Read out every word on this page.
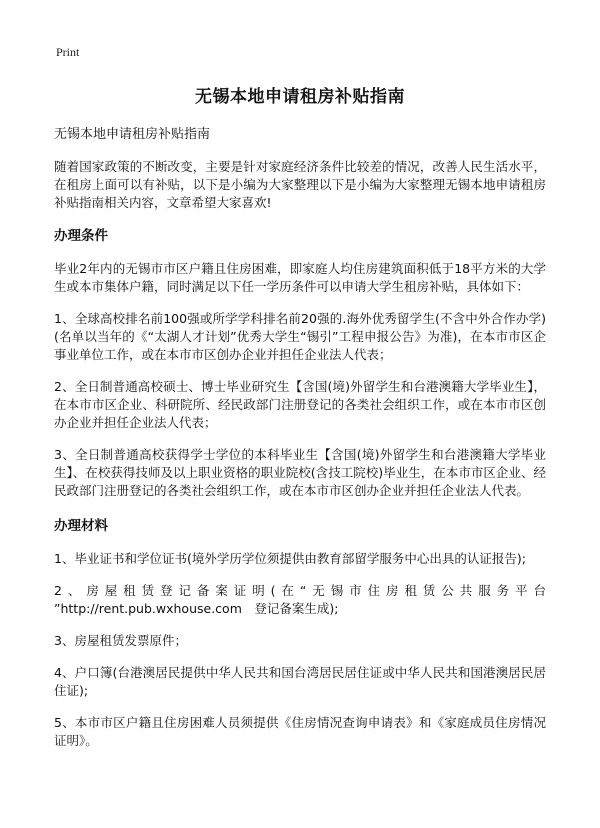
Print
无锡本地申请租房补贴指南
无锡本地申请租房补贴指南

随着国家政策的不断改变，主要是针对家庭经济条件比较差的情况，改善人民生活水平，在租房上面可以有补贴，以下是小编为大家整理以下是小编为大家整理无锡本地申请租房补贴指南相关内容，文章希望大家喜欢!

办理条件

毕业2年内的无锡市市区户籍且住房困难，即家庭人均住房建筑面积低于18平方米的大学生或本市集体户籍，同时满足以下任一学历条件可以申请大学生租房补贴，具体如下：

1、全球高校排名前100强或所学学科排名前20强的.海外优秀留学生(不含中外合作办学)(名单以当年的《“太湖人才计划”优秀大学生“锡引”工程申报公告》为准)，在本市市区企事业单位工作，或在本市市区创办企业并担任企业法人代表；

2、全日制普通高校硕士、博士毕业研究生【含国(境)外留学生和台港澳籍大学毕业生】，在本市市区企业、科研院所、经民政部门注册登记的各类社会组织工作，或在本市市区创办企业并担任企业法人代表；

3、全日制普通高校获得学士学位的本科毕业生【含国(境)外留学生和台港澳籍大学毕业生】、在校获得技师及以上职业资格的职业院校(含技工院校)毕业生，在本市市区企业、经民政部门注册登记的各类社会组织工作，或在本市市区创办企业并担任企业法人代表。

办理材料

1、毕业证书和学位证书(境外学历学位须提供由教育部留学服务中心出具的认证报告);

2、房屋租赁登记备案证明(在“无锡市住房租赁公共服务平台 ”http://rent.pub.wxhouse.com　登记备案生成);

3、房屋租赁发票原件；

4、户口簿(台港澳居民提供中华人民共和国台湾居民居住证或中华人民共和国港澳居民居住证);

5、本市市区户籍且住房困难人员须提供《住房情况查询申请表》和《家庭成员住房情况证明》。
